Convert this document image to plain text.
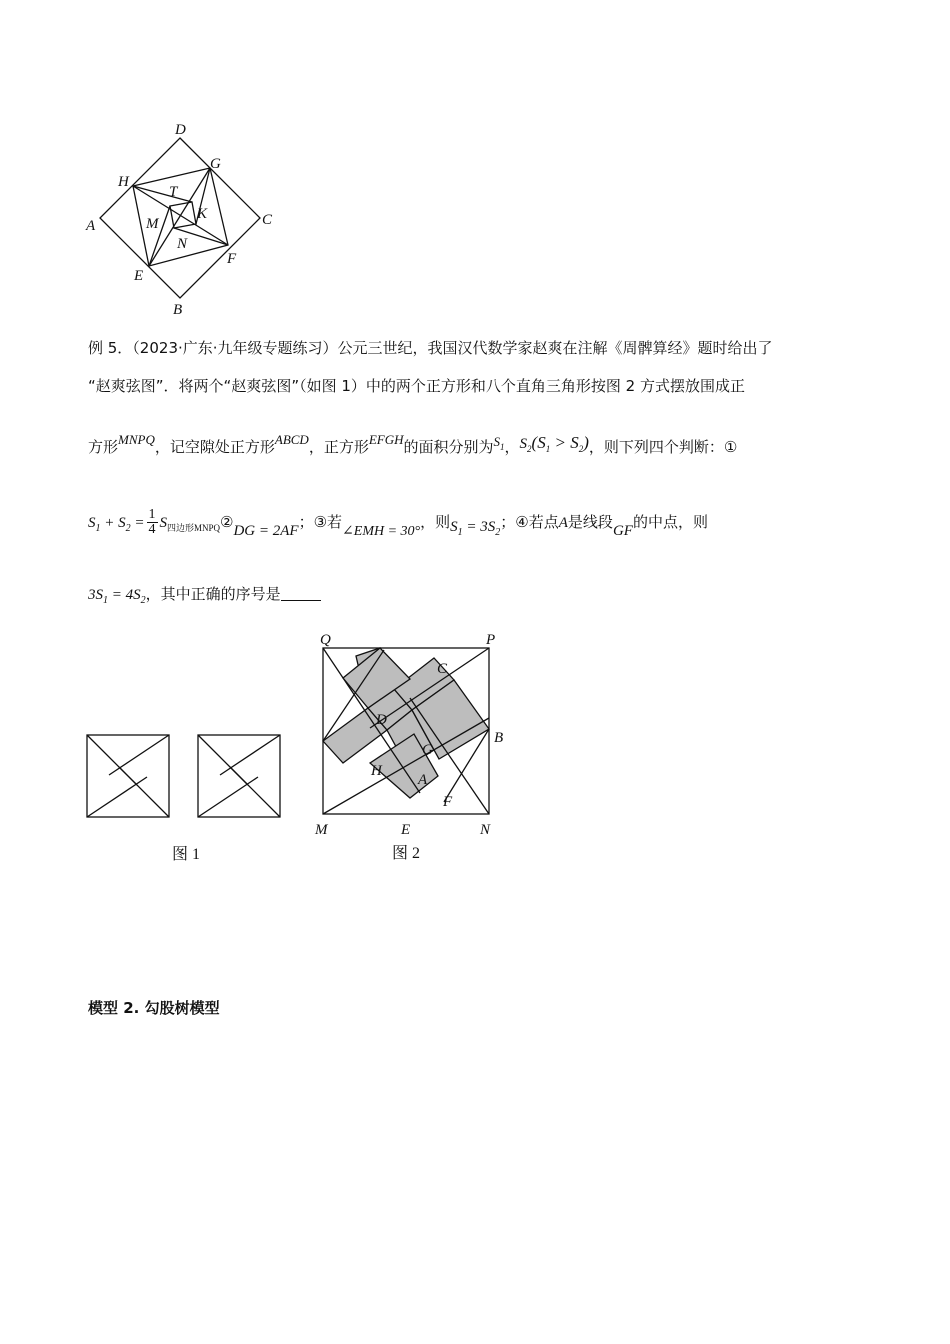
D
G
H
T
K
A	M	C
N
E
F
B
例 5．（2023·广东·九年级专题练习）公元三世纪，我国汉代数学家赵爽在注解《周髀算经》题时给出了
“赵爽弦图”．将两个“赵爽弦图”（如图 1）中的两个正方形和八个直角三角形按图 2 方式摆放围成正
方形MNPQ，记空隙处正方形ABCD，正方形EFGH的面积分别为$S_1$，$S_2(S_1 > S_2)$，则下列四个判断：①
$S_1 + S_2 = \frac{1}{4}$ $S_{四边形MNPQ}②DG = 2AF$；③若∠EMH = 30°，则$S_1 = 3S_2$；④若点A是线段GF的中点，则
$3S_1 = 4S_2$，其中正确的序号是
图 1
Q	P
C
D
B
G
H
A
F
M	E	N
图 2
模型 2. 勾股树模型
